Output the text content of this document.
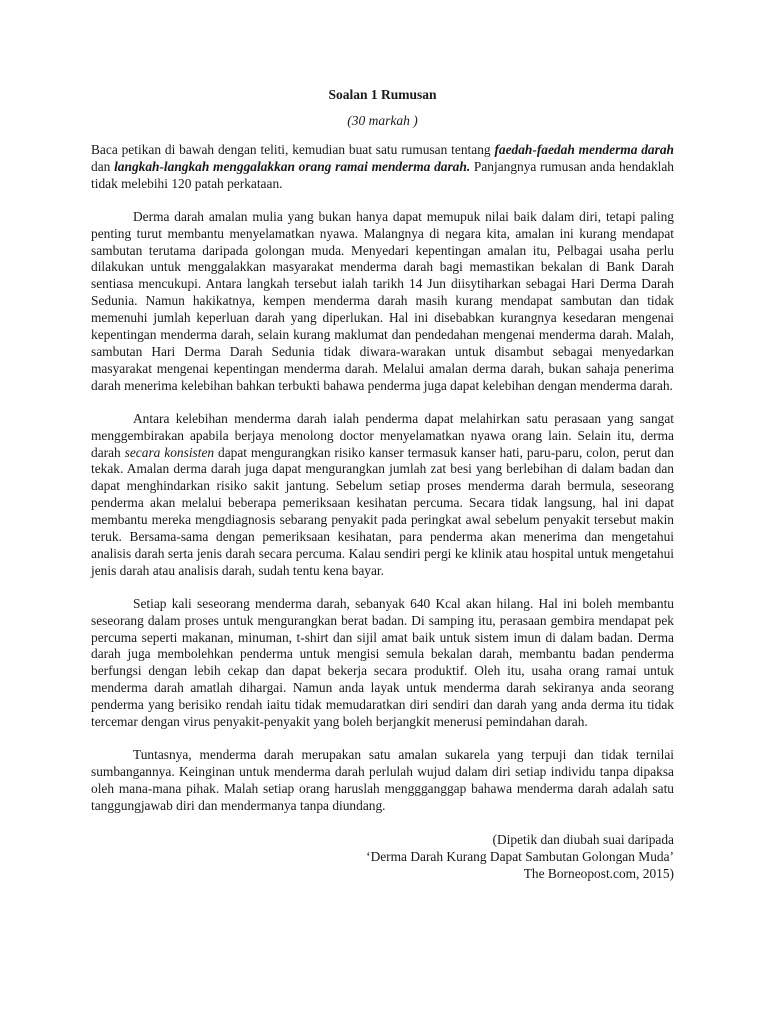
Soalan 1 Rumusan
(30 markah )

Baca petikan di bawah dengan teliti, kemudian buat satu rumusan tentang faedah-faedah menderma darah dan langkah-langkah menggalakkan orang ramai menderma darah. Panjangnya rumusan anda hendaklah tidak melebihi 120 patah perkataan.

Derma darah amalan mulia yang bukan hanya dapat memupuk nilai baik dalam diri, tetapi paling penting turut membantu menyelamatkan nyawa. Malangnya di negara kita, amalan ini kurang mendapat sambutan terutama daripada golongan muda. Menyedari kepentingan amalan itu, Pelbagai usaha perlu dilakukan untuk menggalakkan masyarakat menderma darah bagi memastikan bekalan di Bank Darah sentiasa mencukupi. Antara langkah tersebut ialah tarikh 14 Jun diisytiharkan sebagai Hari Derma Darah Sedunia. Namun hakikatnya, kempen menderma darah masih kurang mendapat sambutan dan tidak memenuhi jumlah keperluan darah yang diperlukan. Hal ini disebabkan kurangnya kesedaran mengenai kepentingan menderma darah, selain kurang maklumat dan pendedahan mengenai menderma darah. Malah, sambutan Hari Derma Darah Sedunia tidak diwara-warakan untuk disambut sebagai menyedarkan masyarakat mengenai kepentingan menderma darah. Melalui amalan derma darah, bukan sahaja penerima darah menerima kelebihan bahkan terbukti bahawa penderma juga dapat kelebihan dengan menderma darah.

Antara kelebihan menderma darah ialah penderma dapat melahirkan satu perasaan yang sangat menggembirakan apabila berjaya menolong doctor menyelamatkan nyawa orang lain. Selain itu, derma darah secara konsisten dapat mengurangkan risiko kanser termasuk kanser hati, paru-paru, colon, perut dan tekak. Amalan derma darah juga dapat mengurangkan jumlah zat besi yang berlebihan di dalam badan dan dapat menghindarkan risiko sakit jantung. Sebelum setiap proses menderma darah bermula, seseorang penderma akan melalui beberapa pemeriksaan kesihatan percuma. Secara tidak langsung, hal ini dapat membantu mereka mengdiagnosis sebarang penyakit pada peringkat awal sebelum penyakit tersebut makin teruk. Bersama-sama dengan pemeriksaan kesihatan, para penderma akan menerima dan mengetahui analisis darah serta jenis darah secara percuma. Kalau sendiri pergi ke klinik atau hospital untuk mengetahui jenis darah atau analisis darah, sudah tentu kena bayar.

Setiap kali seseorang menderma darah, sebanyak 640 Kcal akan hilang. Hal ini boleh membantu seseorang dalam proses untuk mengurangkan berat badan. Di samping itu, perasaan gembira mendapat pek percuma seperti makanan, minuman, t-shirt dan sijil amat baik untuk sistem imun di dalam badan. Derma darah juga membolehkan penderma untuk mengisi semula bekalan darah, membantu badan penderma berfungsi dengan lebih cekap dan dapat bekerja secara produktif. Oleh itu, usaha orang ramai untuk menderma darah amatlah dihargai. Namun anda layak untuk menderma darah sekiranya anda seorang penderma yang berisiko rendah iaitu tidak memudaratkan diri sendiri dan darah yang anda derma itu tidak tercemar dengan virus penyakit-penyakit yang boleh berjangkit menerusi pemindahan darah.

Tuntasnya, menderma darah merupakan satu amalan sukarela yang terpuji dan tidak ternilai sumbangannya. Keinginan untuk menderma darah perlulah wujud dalam diri setiap individu tanpa dipaksa oleh mana-mana pihak. Malah setiap orang haruslah menggganggap bahawa menderma darah adalah satu tanggungjawab diri dan mendermanya tanpa diundang.

(Dipetik dan diubah suai daripada
‘Derma Darah Kurang Dapat Sambutan Golongan Muda’
The Borneopost.com, 2015)
